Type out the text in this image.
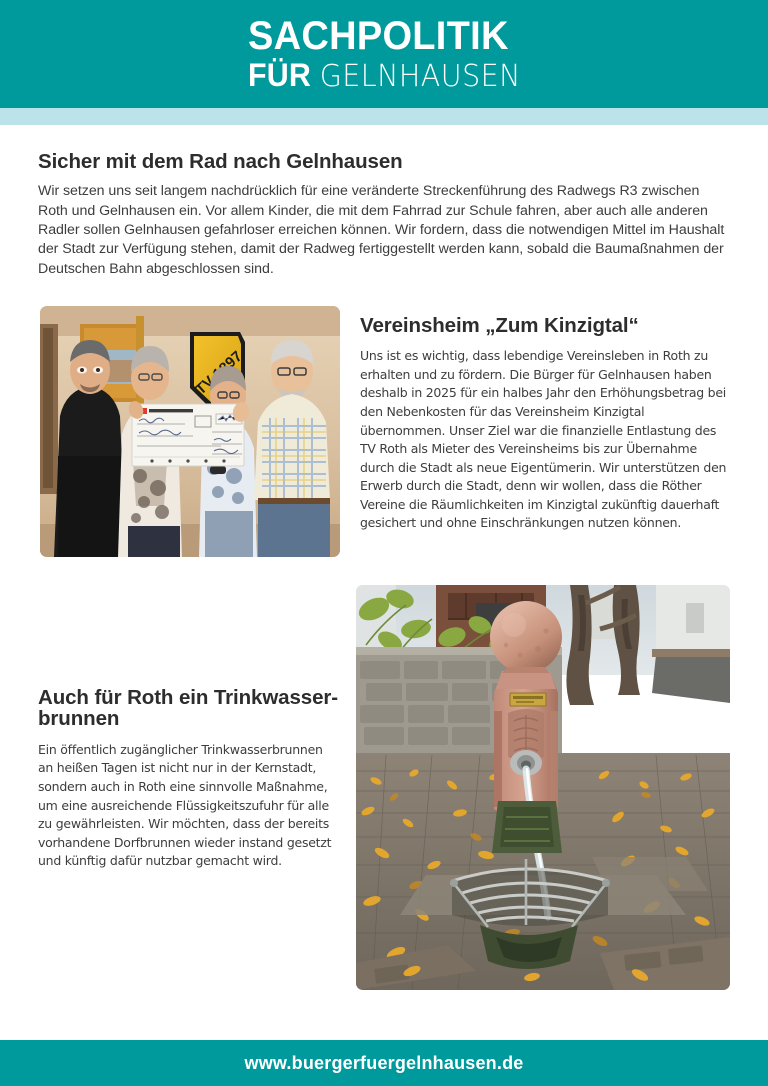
SACHPOLITIK
FÜR GELNHAUSEN
Sicher mit dem Rad nach Gelnhausen

Wir setzen uns seit langem nachdrücklich für eine veränderte Streckenführung des Radwegs R3 zwischen Roth und Gelnhausen ein. Vor allem Kinder, die mit dem Fahrrad zur Schule fahren, aber auch alle anderen Radler sollen Gelnhausen gefahrloser erreichen können. Wir fordern, dass die notwendigen Mittel im Haushalt der Stadt zur Verfügung stehen, damit der Radweg fertiggestellt werden kann, sobald die Baumaßnahmen der Deutschen Bahn abgeschlossen sind.

TV 1897
Vereinsheim „Zum Kinzigtal“

Uns ist es wichtig, dass lebendige Vereinsleben in Roth zu erhalten und zu fördern. Die Bürger für Gelnhausen haben deshalb in 2025 für ein halbes Jahr den Erhöhungsbetrag bei den Nebenkosten für das Vereinsheim Kinzigtal übernommen. Unser Ziel war die finanzielle Entlastung des TV Roth als Mieter des Vereinsheims bis zur Übernahme durch die Stadt als neue Eigentümerin. Wir unterstützen den Erwerb durch die Stadt, denn wir wollen, dass die Röther Vereine die Räumlichkeiten im Kinzigtal zukünftig dauerhaft gesichert und ohne Einschränkungen nutzen können.

Auch für Roth ein Trinkwasser-
brunnen

Ein öffentlich zugänglicher Trinkwasserbrunnen an heißen Tagen ist nicht nur in der Kernstadt, sondern auch in Roth eine sinnvolle Maßnahme, um eine ausreichende Flüssigkeitszufuhr für alle zu gewährleisten. Wir möchten, dass der bereits vorhandene Dorfbrunnen wieder instand gesetzt und künftig dafür nutzbar gemacht wird.

www.buergerfuergelnhausen.de
